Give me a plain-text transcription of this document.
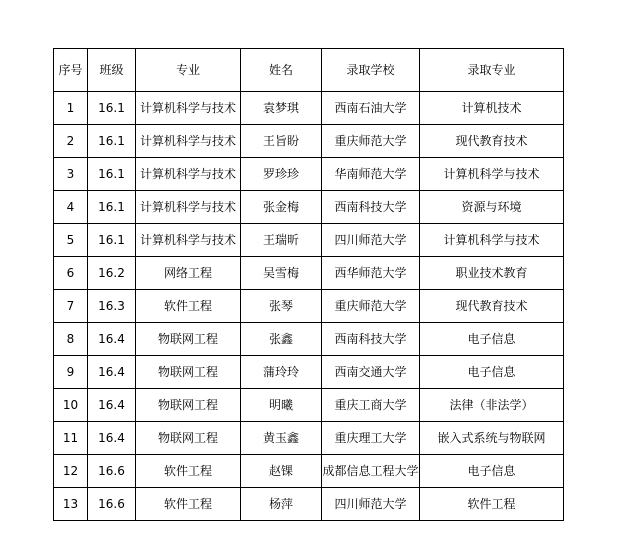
序号	班级	专业	姓名	录取学校	录取专业
1	16.1	计算机科学与技术	袁梦琪	西南石油大学	计算机技术
2	16.1	计算机科学与技术	王旨盼	重庆师范大学	现代教育技术
3	16.1	计算机科学与技术	罗珍珍	华南师范大学	计算机科学与技术
4	16.1	计算机科学与技术	张金梅	西南科技大学	资源与环境
5	16.1	计算机科学与技术	王瑞昕	四川师范大学	计算机科学与技术
6	16.2	网络工程	吴雪梅	西华师范大学	职业技术教育
7	16.3	软件工程	张琴	重庆师范大学	现代教育技术
8	16.4	物联网工程	张鑫	西南科技大学	电子信息
9	16.4	物联网工程	蒲玲玲	西南交通大学	电子信息
10	16.4	物联网工程	明曦	重庆工商大学	法律（非法学）
11	16.4	物联网工程	黄玉鑫	重庆理工大学	嵌入式系统与物联网
12	16.6	软件工程	赵锞	成都信息工程大学	电子信息
13	16.6	软件工程	杨萍	四川师范大学	软件工程
